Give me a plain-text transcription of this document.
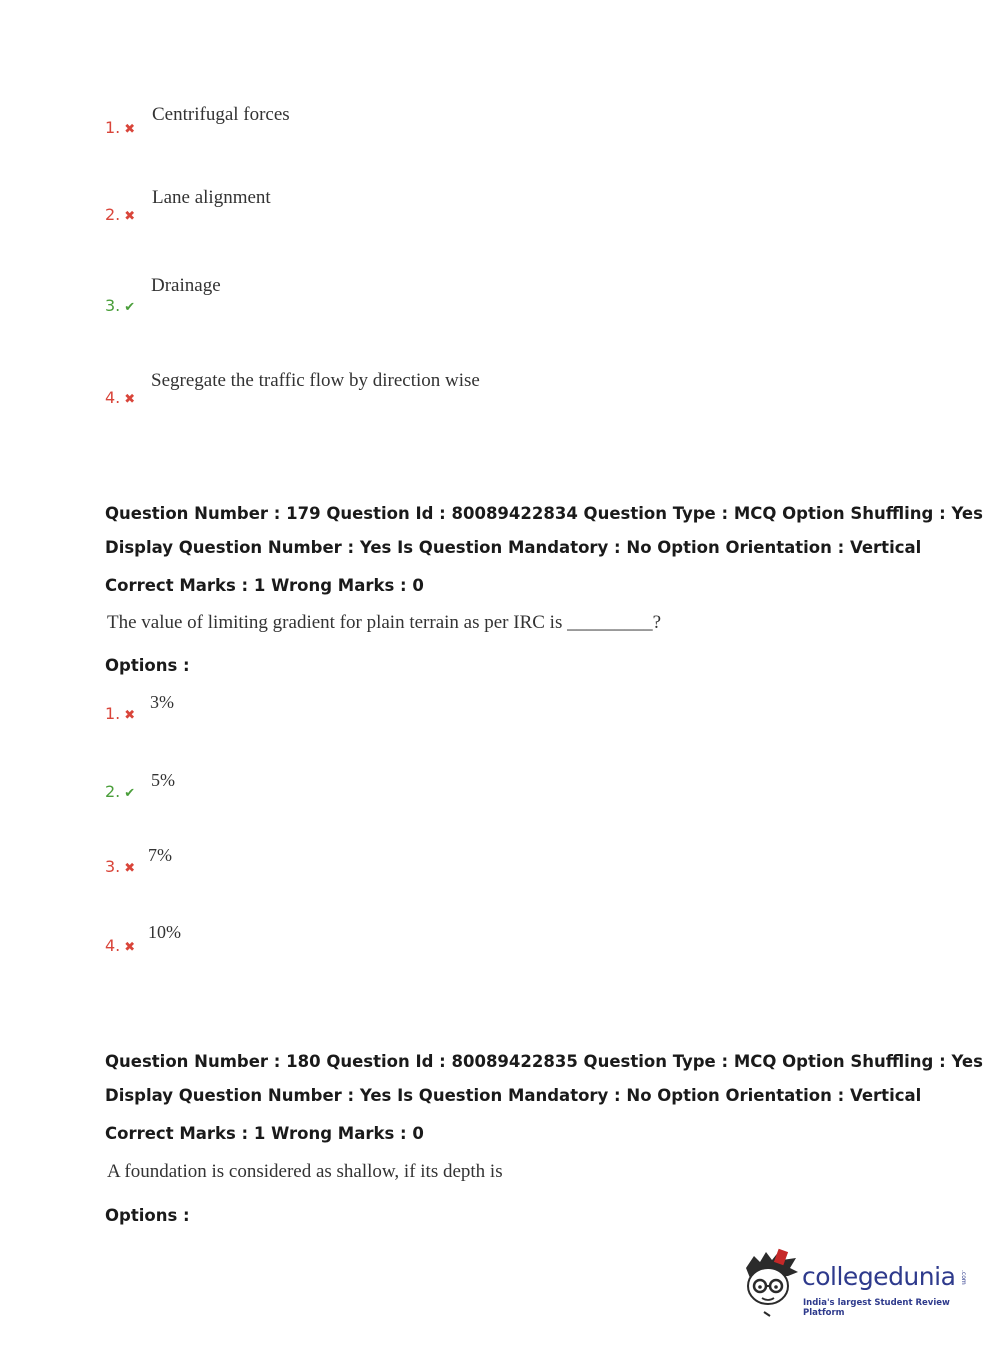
1. ✖
Centrifugal forces
2. ✖
Lane alignment
3. ✔
Drainage
4. ✖
Segregate the traffic flow by direction wise
Question Number : 179 Question Id : 80089422834 Question Type : MCQ Option Shuffling : Yes
Display Question Number : Yes Is Question Mandatory : No Option Orientation : Vertical
Correct Marks : 1 Wrong Marks : 0
The value of limiting gradient for plain terrain as per IRC is _________?
Options :
1. ✖
3%
2. ✔
5%
3. ✖
7%
4. ✖
10%
Question Number : 180 Question Id : 80089422835 Question Type : MCQ Option Shuffling : Yes
Display Question Number : Yes Is Question Mandatory : No Option Orientation : Vertical
Correct Marks : 1 Wrong Marks : 0
A foundation is considered as shallow, if its depth is
Options :
collegedunia .com
India's largest Student Review Platform
